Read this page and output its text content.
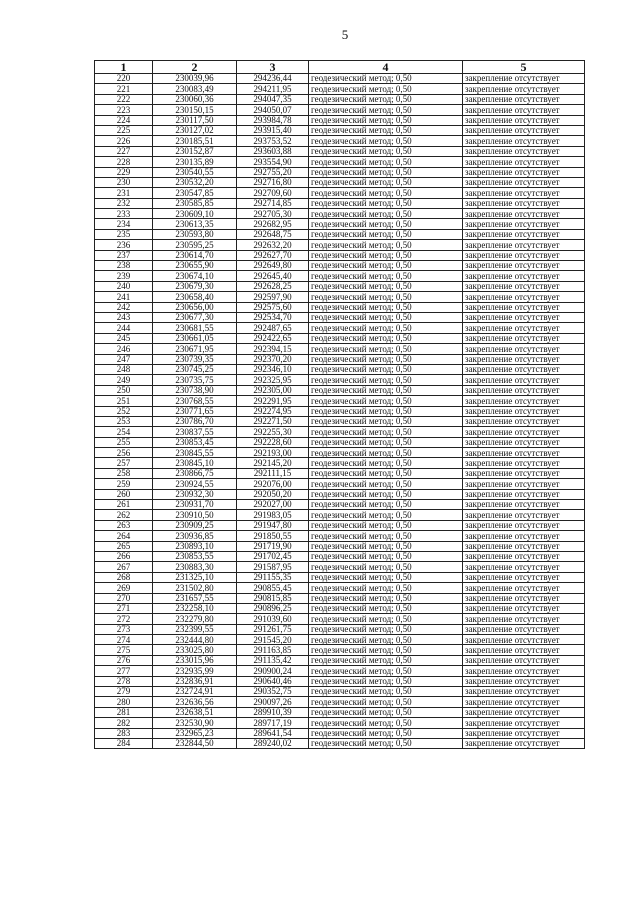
5
1	2	3	4	5
220	230039,96	294236,44	геодезический метод; 0,50	закрепление отсутствует
221	230083,49	294211,95	геодезический метод; 0,50	закрепление отсутствует
222	230060,36	294047,35	геодезический метод; 0,50	закрепление отсутствует
223	230150,15	294050,07	геодезический метод; 0,50	закрепление отсутствует
224	230117,50	293984,78	геодезический метод; 0,50	закрепление отсутствует
225	230127,02	293915,40	геодезический метод; 0,50	закрепление отсутствует
226	230185,51	293753,52	геодезический метод; 0,50	закрепление отсутствует
227	230152,87	293603,88	геодезический метод; 0,50	закрепление отсутствует
228	230135,89	293554,90	геодезический метод; 0,50	закрепление отсутствует
229	230540,55	292755,20	геодезический метод; 0,50	закрепление отсутствует
230	230532,20	292716,80	геодезический метод; 0,50	закрепление отсутствует
231	230547,85	292709,60	геодезический метод; 0,50	закрепление отсутствует
232	230585,85	292714,85	геодезический метод; 0,50	закрепление отсутствует
233	230609,10	292705,30	геодезический метод; 0,50	закрепление отсутствует
234	230613,35	292682,95	геодезический метод; 0,50	закрепление отсутствует
235	230593,80	292648,75	геодезический метод; 0,50	закрепление отсутствует
236	230595,25	292632,20	геодезический метод; 0,50	закрепление отсутствует
237	230614,70	292627,70	геодезический метод; 0,50	закрепление отсутствует
238	230655,90	292649,80	геодезический метод; 0,50	закрепление отсутствует
239	230674,10	292645,40	геодезический метод; 0,50	закрепление отсутствует
240	230679,30	292628,25	геодезический метод; 0,50	закрепление отсутствует
241	230658,40	292597,90	геодезический метод; 0,50	закрепление отсутствует
242	230656,00	292575,60	геодезический метод; 0,50	закрепление отсутствует
243	230677,30	292534,70	геодезический метод; 0,50	закрепление отсутствует
244	230681,55	292487,65	геодезический метод; 0,50	закрепление отсутствует
245	230661,05	292422,65	геодезический метод; 0,50	закрепление отсутствует
246	230671,95	292394,15	геодезический метод; 0,50	закрепление отсутствует
247	230739,35	292370,20	геодезический метод; 0,50	закрепление отсутствует
248	230745,25	292346,10	геодезический метод; 0,50	закрепление отсутствует
249	230735,75	292325,95	геодезический метод; 0,50	закрепление отсутствует
250	230738,90	292305,00	геодезический метод; 0,50	закрепление отсутствует
251	230768,55	292291,95	геодезический метод; 0,50	закрепление отсутствует
252	230771,65	292274,95	геодезический метод; 0,50	закрепление отсутствует
253	230786,70	292271,50	геодезический метод; 0,50	закрепление отсутствует
254	230837,55	292255,30	геодезический метод; 0,50	закрепление отсутствует
255	230853,45	292228,60	геодезический метод; 0,50	закрепление отсутствует
256	230845,55	292193,00	геодезический метод; 0,50	закрепление отсутствует
257	230845,10	292145,20	геодезический метод; 0,50	закрепление отсутствует
258	230866,75	292111,15	геодезический метод; 0,50	закрепление отсутствует
259	230924,55	292076,00	геодезический метод; 0,50	закрепление отсутствует
260	230932,30	292050,20	геодезический метод; 0,50	закрепление отсутствует
261	230931,70	292027,00	геодезический метод; 0,50	закрепление отсутствует
262	230910,50	291983,05	геодезический метод; 0,50	закрепление отсутствует
263	230909,25	291947,80	геодезический метод; 0,50	закрепление отсутствует
264	230936,85	291850,55	геодезический метод; 0,50	закрепление отсутствует
265	230893,10	291719,90	геодезический метод; 0,50	закрепление отсутствует
266	230853,55	291702,45	геодезический метод; 0,50	закрепление отсутствует
267	230883,30	291587,95	геодезический метод; 0,50	закрепление отсутствует
268	231325,10	291155,35	геодезический метод; 0,50	закрепление отсутствует
269	231502,80	290855,45	геодезический метод; 0,50	закрепление отсутствует
270	231657,55	290815,85	геодезический метод; 0,50	закрепление отсутствует
271	232258,10	290896,25	геодезический метод; 0,50	закрепление отсутствует
272	232279,80	291039,60	геодезический метод; 0,50	закрепление отсутствует
273	232399,55	291261,75	геодезический метод; 0,50	закрепление отсутствует
274	232444,80	291545,20	геодезический метод; 0,50	закрепление отсутствует
275	233025,80	291163,85	геодезический метод; 0,50	закрепление отсутствует
276	233015,96	291135,42	геодезический метод; 0,50	закрепление отсутствует
277	232935,99	290900,24	геодезический метод; 0,50	закрепление отсутствует
278	232836,91	290640,46	геодезический метод; 0,50	закрепление отсутствует
279	232724,91	290352,75	геодезический метод; 0,50	закрепление отсутствует
280	232636,56	290097,26	геодезический метод; 0,50	закрепление отсутствует
281	232638,51	289910,39	геодезический метод; 0,50	закрепление отсутствует
282	232530,90	289717,19	геодезический метод; 0,50	закрепление отсутствует
283	232965,23	289641,54	геодезический метод; 0,50	закрепление отсутствует
284	232844,50	289240,02	геодезический метод; 0,50	закрепление отсутствует
